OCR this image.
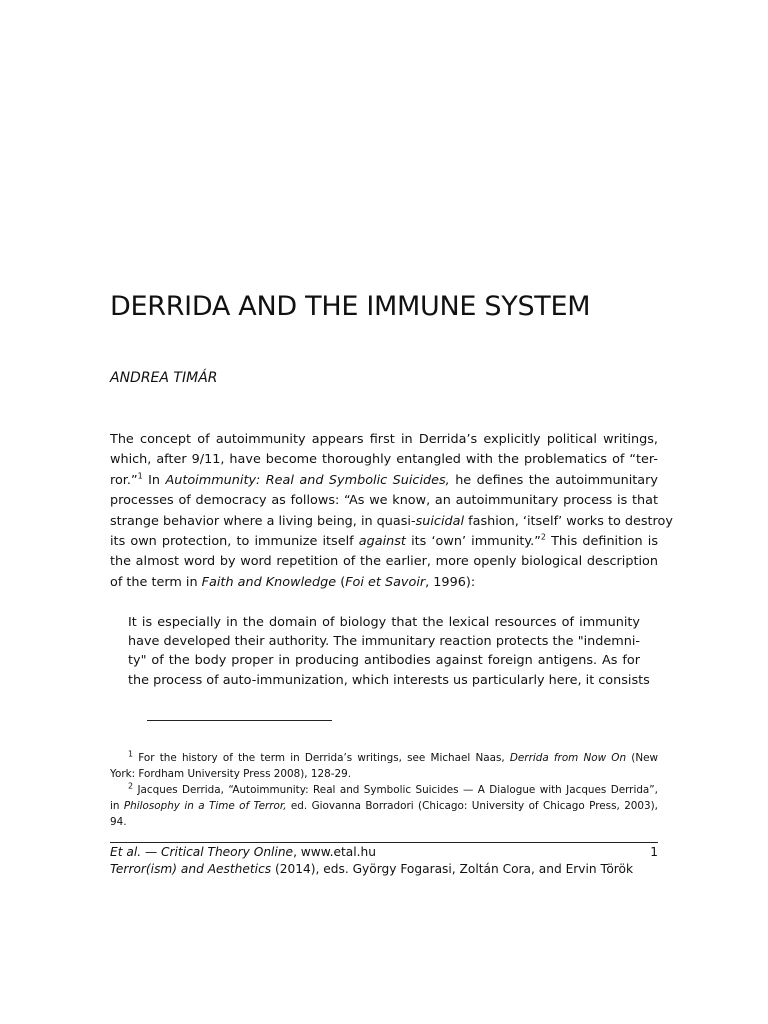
DERRIDA AND THE IMMUNE SYSTEM
ANDREA TIMÁR
The concept of autoimmunity appears first in Derrida’s explicitly political writings,
which, after 9/11, have become thoroughly entangled with the problematics of “ter-
ror.”$^1$ In Autoimmunity: Real and Symbolic Suicides, he defines the autoimmunitary
processes of democracy as follows: “As we know, an autoimmunitary process is that
strange behavior where a living being, in quasi-suicidal fashion, ‘itself’ works to destroy
its own protection, to immunize itself against its ‘own’ immunity.”$^2$ This definition is
the almost word by word repetition of the earlier, more openly biological description
of the term in Faith and Knowledge (Foi et Savoir, 1996):
It is especially in the domain of biology that the lexical resources of immunity
have developed their authority. The immunitary reaction protects the "indemni-
ty" of the body proper in producing antibodies against foreign antigens. As for
the process of auto-immunization, which interests us particularly here, it consists
$^1$ For the history of the term in Derrida’s writings, see Michael Naas, Derrida from Now On (New
York: Fordham University Press 2008), 128-29.
$^2$ Jacques Derrida, “Autoimmunity: Real and Symbolic Suicides — A Dialogue with Jacques Derrida”,
in Philosophy in a Time of Terror, ed. Giovanna Borradori (Chicago: University of Chicago Press, 2003),
94.
Et al. — Critical Theory Online, www.etal.hu	1
Terror(ism) and Aesthetics (2014), eds. György Fogarasi, Zoltán Cora, and Ervin Török
